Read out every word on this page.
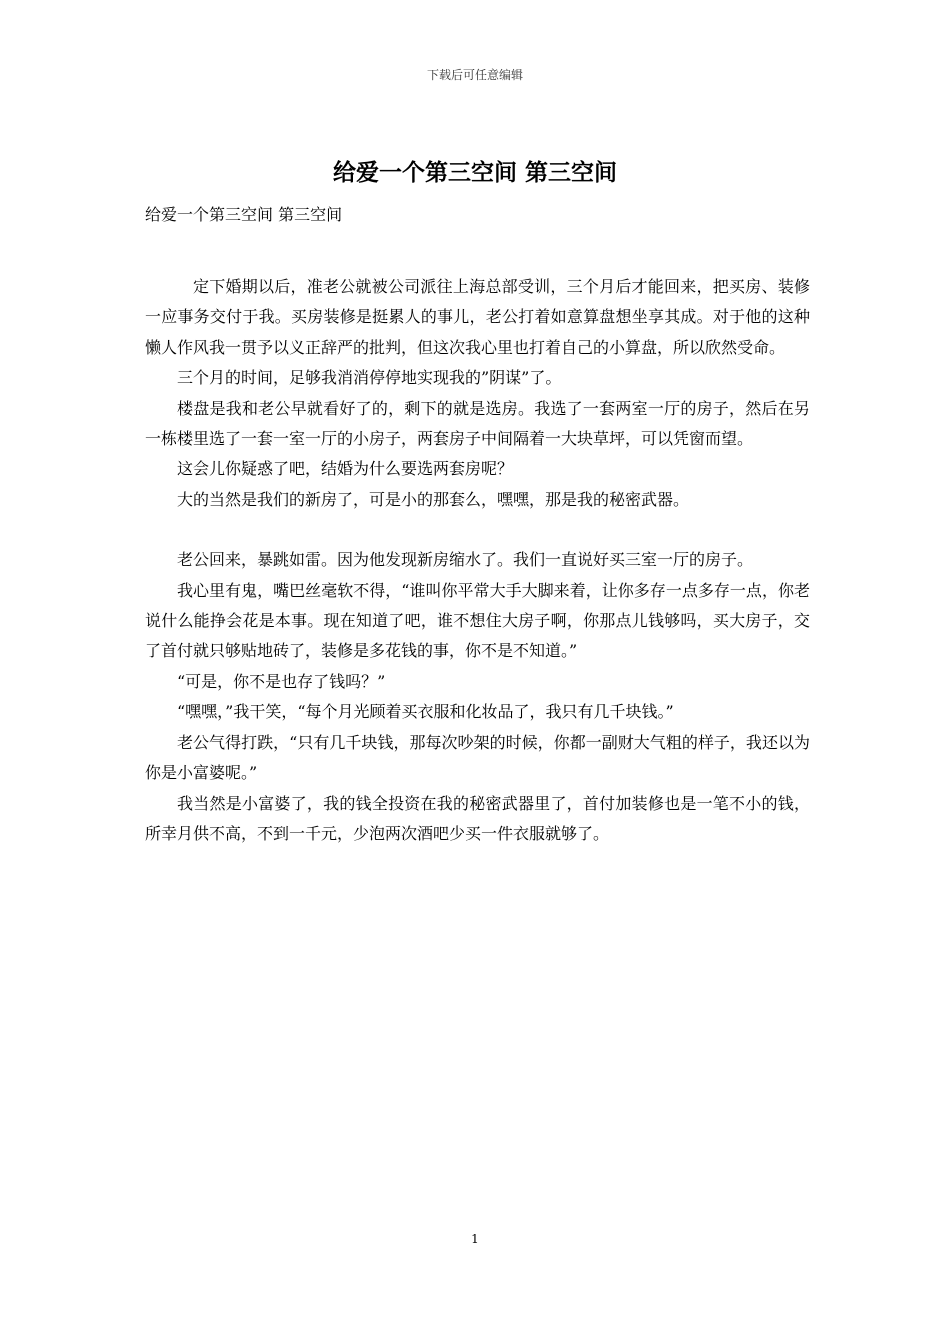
下载后可任意编辑
给爱一个第三空间 第三空间

给爱一个第三空间 第三空间

定下婚期以后，准老公就被公司派往上海总部受训，三个月后才能回来，把买房、装修一应事务交付于我。买房装修是挺累人的事儿，老公打着如意算盘想坐享其成。对于他的这种懒人作风我一贯予以义正辞严的批判，但这次我心里也打着自己的小算盘，所以欣然受命。

三个月的时间，足够我消消停停地实现我的”阴谋”了。

楼盘是我和老公早就看好了的，剩下的就是选房。我选了一套两室一厅的房子，然后在另一栋楼里选了一套一室一厅的小房子，两套房子中间隔着一大块草坪，可以凭窗而望。

这会儿你疑惑了吧，结婚为什么要选两套房呢？

大的当然是我们的新房了，可是小的那套么，嘿嘿，那是我的秘密武器。

老公回来，暴跳如雷。因为他发现新房缩水了。我们一直说好买三室一厅的房子。

我心里有鬼，嘴巴丝毫软不得，“谁叫你平常大手大脚来着，让你多存一点多存一点，你老说什么能挣会花是本事。现在知道了吧，谁不想住大房子啊，你那点儿钱够吗，买大房子，交了首付就只够贴地砖了，装修是多花钱的事，你不是不知道。”

“可是，你不是也存了钱吗？”

“嘿嘿，”我干笑，“每个月光顾着买衣服和化妆品了，我只有几千块钱。”

老公气得打跌，“只有几千块钱，那每次吵架的时候，你都一副财大气粗的样子，我还以为你是小富婆呢。”

我当然是小富婆了，我的钱全投资在我的秘密武器里了，首付加装修也是一笔不小的钱，所幸月供不高，不到一千元，少泡两次酒吧少买一件衣服就够了。

1
